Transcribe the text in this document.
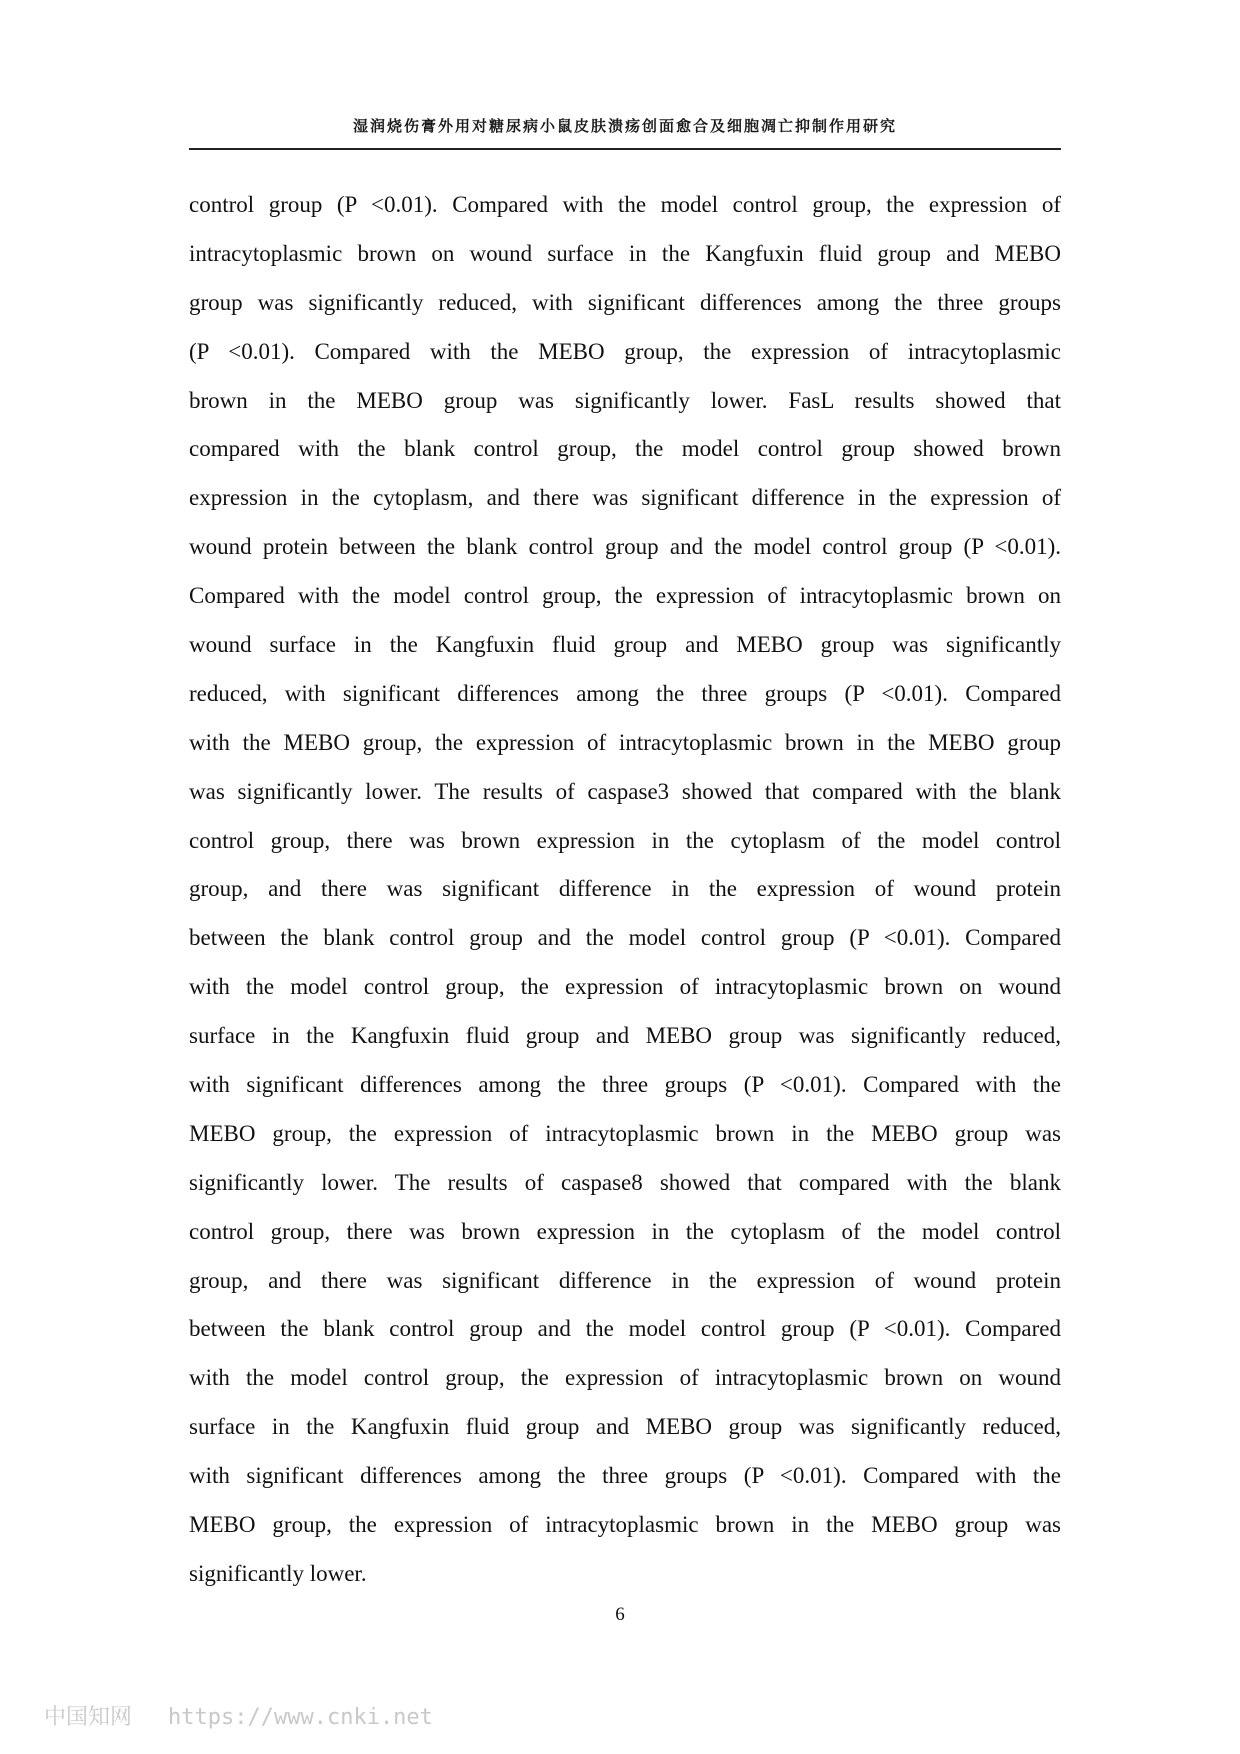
湿润烧伤膏外用对糖尿病小鼠皮肤溃疡创面愈合及细胞凋亡抑制作用研究
control group (P <0.01). Compared with the model control group, the expression of
intracytoplasmic brown on wound surface in the Kangfuxin fluid group and MEBO
group was significantly reduced, with significant differences among the three groups
(P <0.01). Compared with the MEBO group, the expression of intracytoplasmic
brown in the MEBO group was significantly lower. FasL results showed that
compared with the blank control group, the model control group showed brown
expression in the cytoplasm, and there was significant difference in the expression of
wound protein between the blank control group and the model control group (P <0.01).
Compared with the model control group, the expression of intracytoplasmic brown on
wound surface in the Kangfuxin fluid group and MEBO group was significantly
reduced, with significant differences among the three groups (P <0.01). Compared
with the MEBO group, the expression of intracytoplasmic brown in the MEBO group
was significantly lower. The results of caspase3 showed that compared with the blank
control group, there was brown expression in the cytoplasm of the model control
group, and there was significant difference in the expression of wound protein
between the blank control group and the model control group (P <0.01). Compared
with the model control group, the expression of intracytoplasmic brown on wound
surface in the Kangfuxin fluid group and MEBO group was significantly reduced,
with significant differences among the three groups (P <0.01). Compared with the
MEBO group, the expression of intracytoplasmic brown in the MEBO group was
significantly lower. The results of caspase8 showed that compared with the blank
control group, there was brown expression in the cytoplasm of the model control
group, and there was significant difference in the expression of wound protein
between the blank control group and the model control group (P <0.01). Compared
with the model control group, the expression of intracytoplasmic brown on wound
surface in the Kangfuxin fluid group and MEBO group was significantly reduced,
with significant differences among the three groups (P <0.01). Compared with the
MEBO group, the expression of intracytoplasmic brown in the MEBO group was
significantly lower.
6
中国知网 https://www.cnki.net
